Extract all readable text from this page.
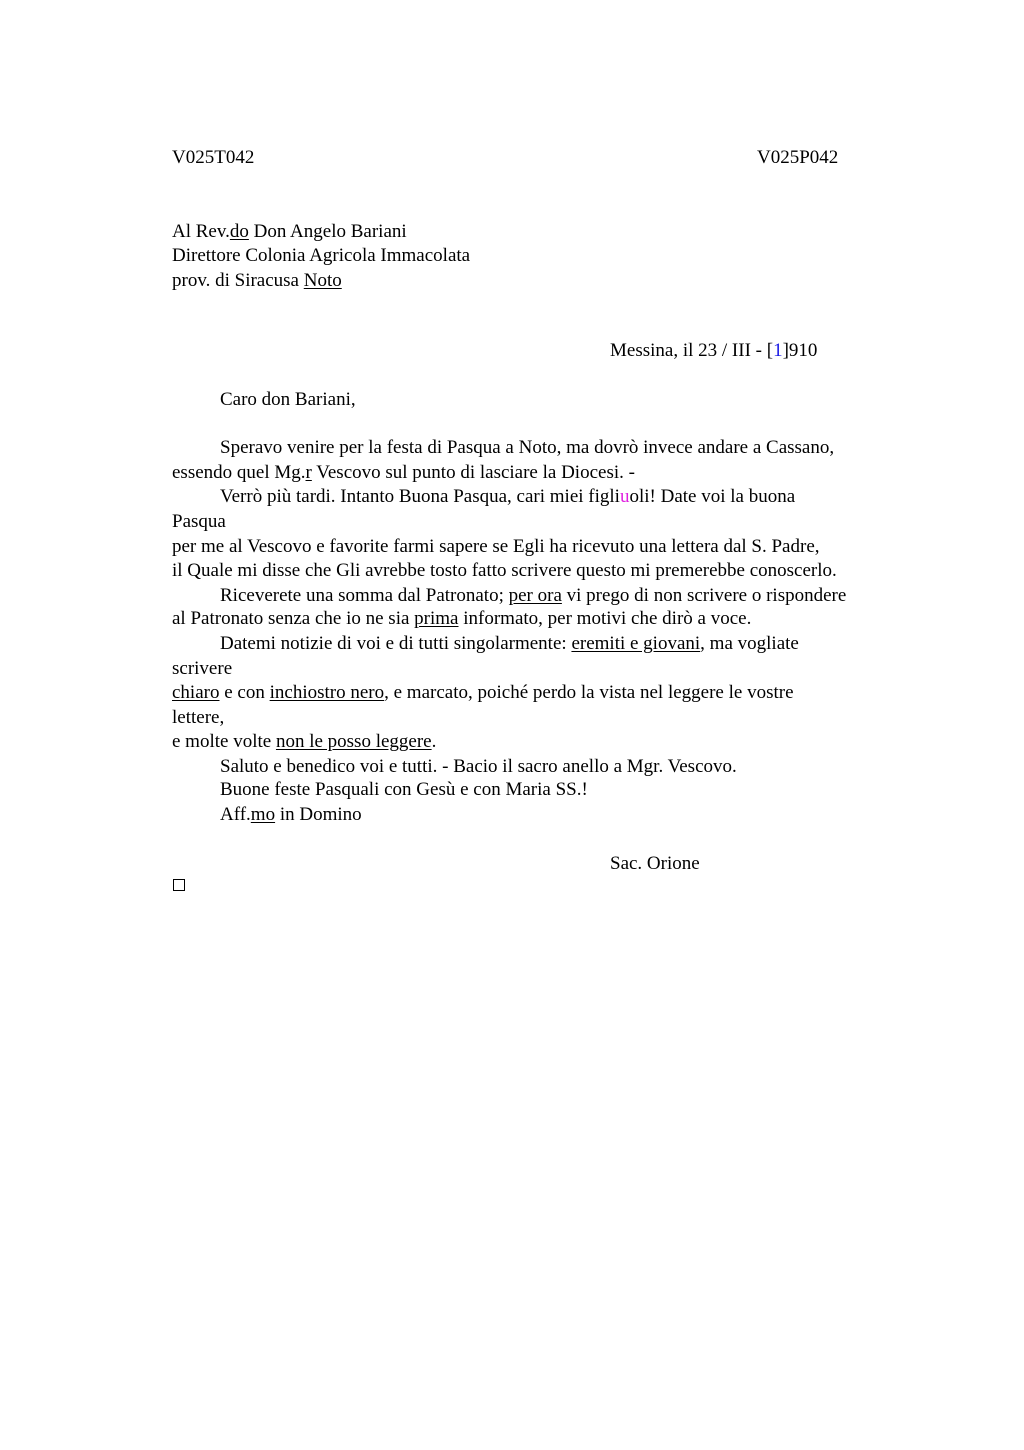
V025T042	V025P042
Al Rev.do Don Angelo Bariani
Direttore Colonia Agricola Immacolata
prov. di Siracusa Noto
Messina, il 23 / III - [1]910
Caro don Bariani,
Speravo venire per la festa di Pasqua a Noto, ma dovrò invece andare a Cassano,
essendo quel Mg.r Vescovo sul punto di lasciare la Diocesi. -
Verrò più tardi. Intanto Buona Pasqua, cari miei figliuoli! Date voi la buona
Pasqua
per me al Vescovo e favorite farmi sapere se Egli ha ricevuto una lettera dal S. Padre,
il Quale mi disse che Gli avrebbe tosto fatto scrivere questo mi premerebbe conoscerlo.
Riceverete una somma dal Patronato; per ora vi prego di non scrivere o rispondere
al Patronato senza che io ne sia prima informato, per motivi che dirò a voce.
Datemi notizie di voi e di tutti singolarmente: eremiti e giovani, ma vogliate
scrivere
chiaro e con inchiostro nero, e marcato, poiché perdo la vista nel leggere le vostre
lettere,
e molte volte non le posso leggere.
Saluto e benedico voi e tutti. - Bacio il sacro anello a Mgr. Vescovo.
Buone feste Pasquali con Gesù e con Maria SS.!
Aff.mo in Domino
Sac. Orione
